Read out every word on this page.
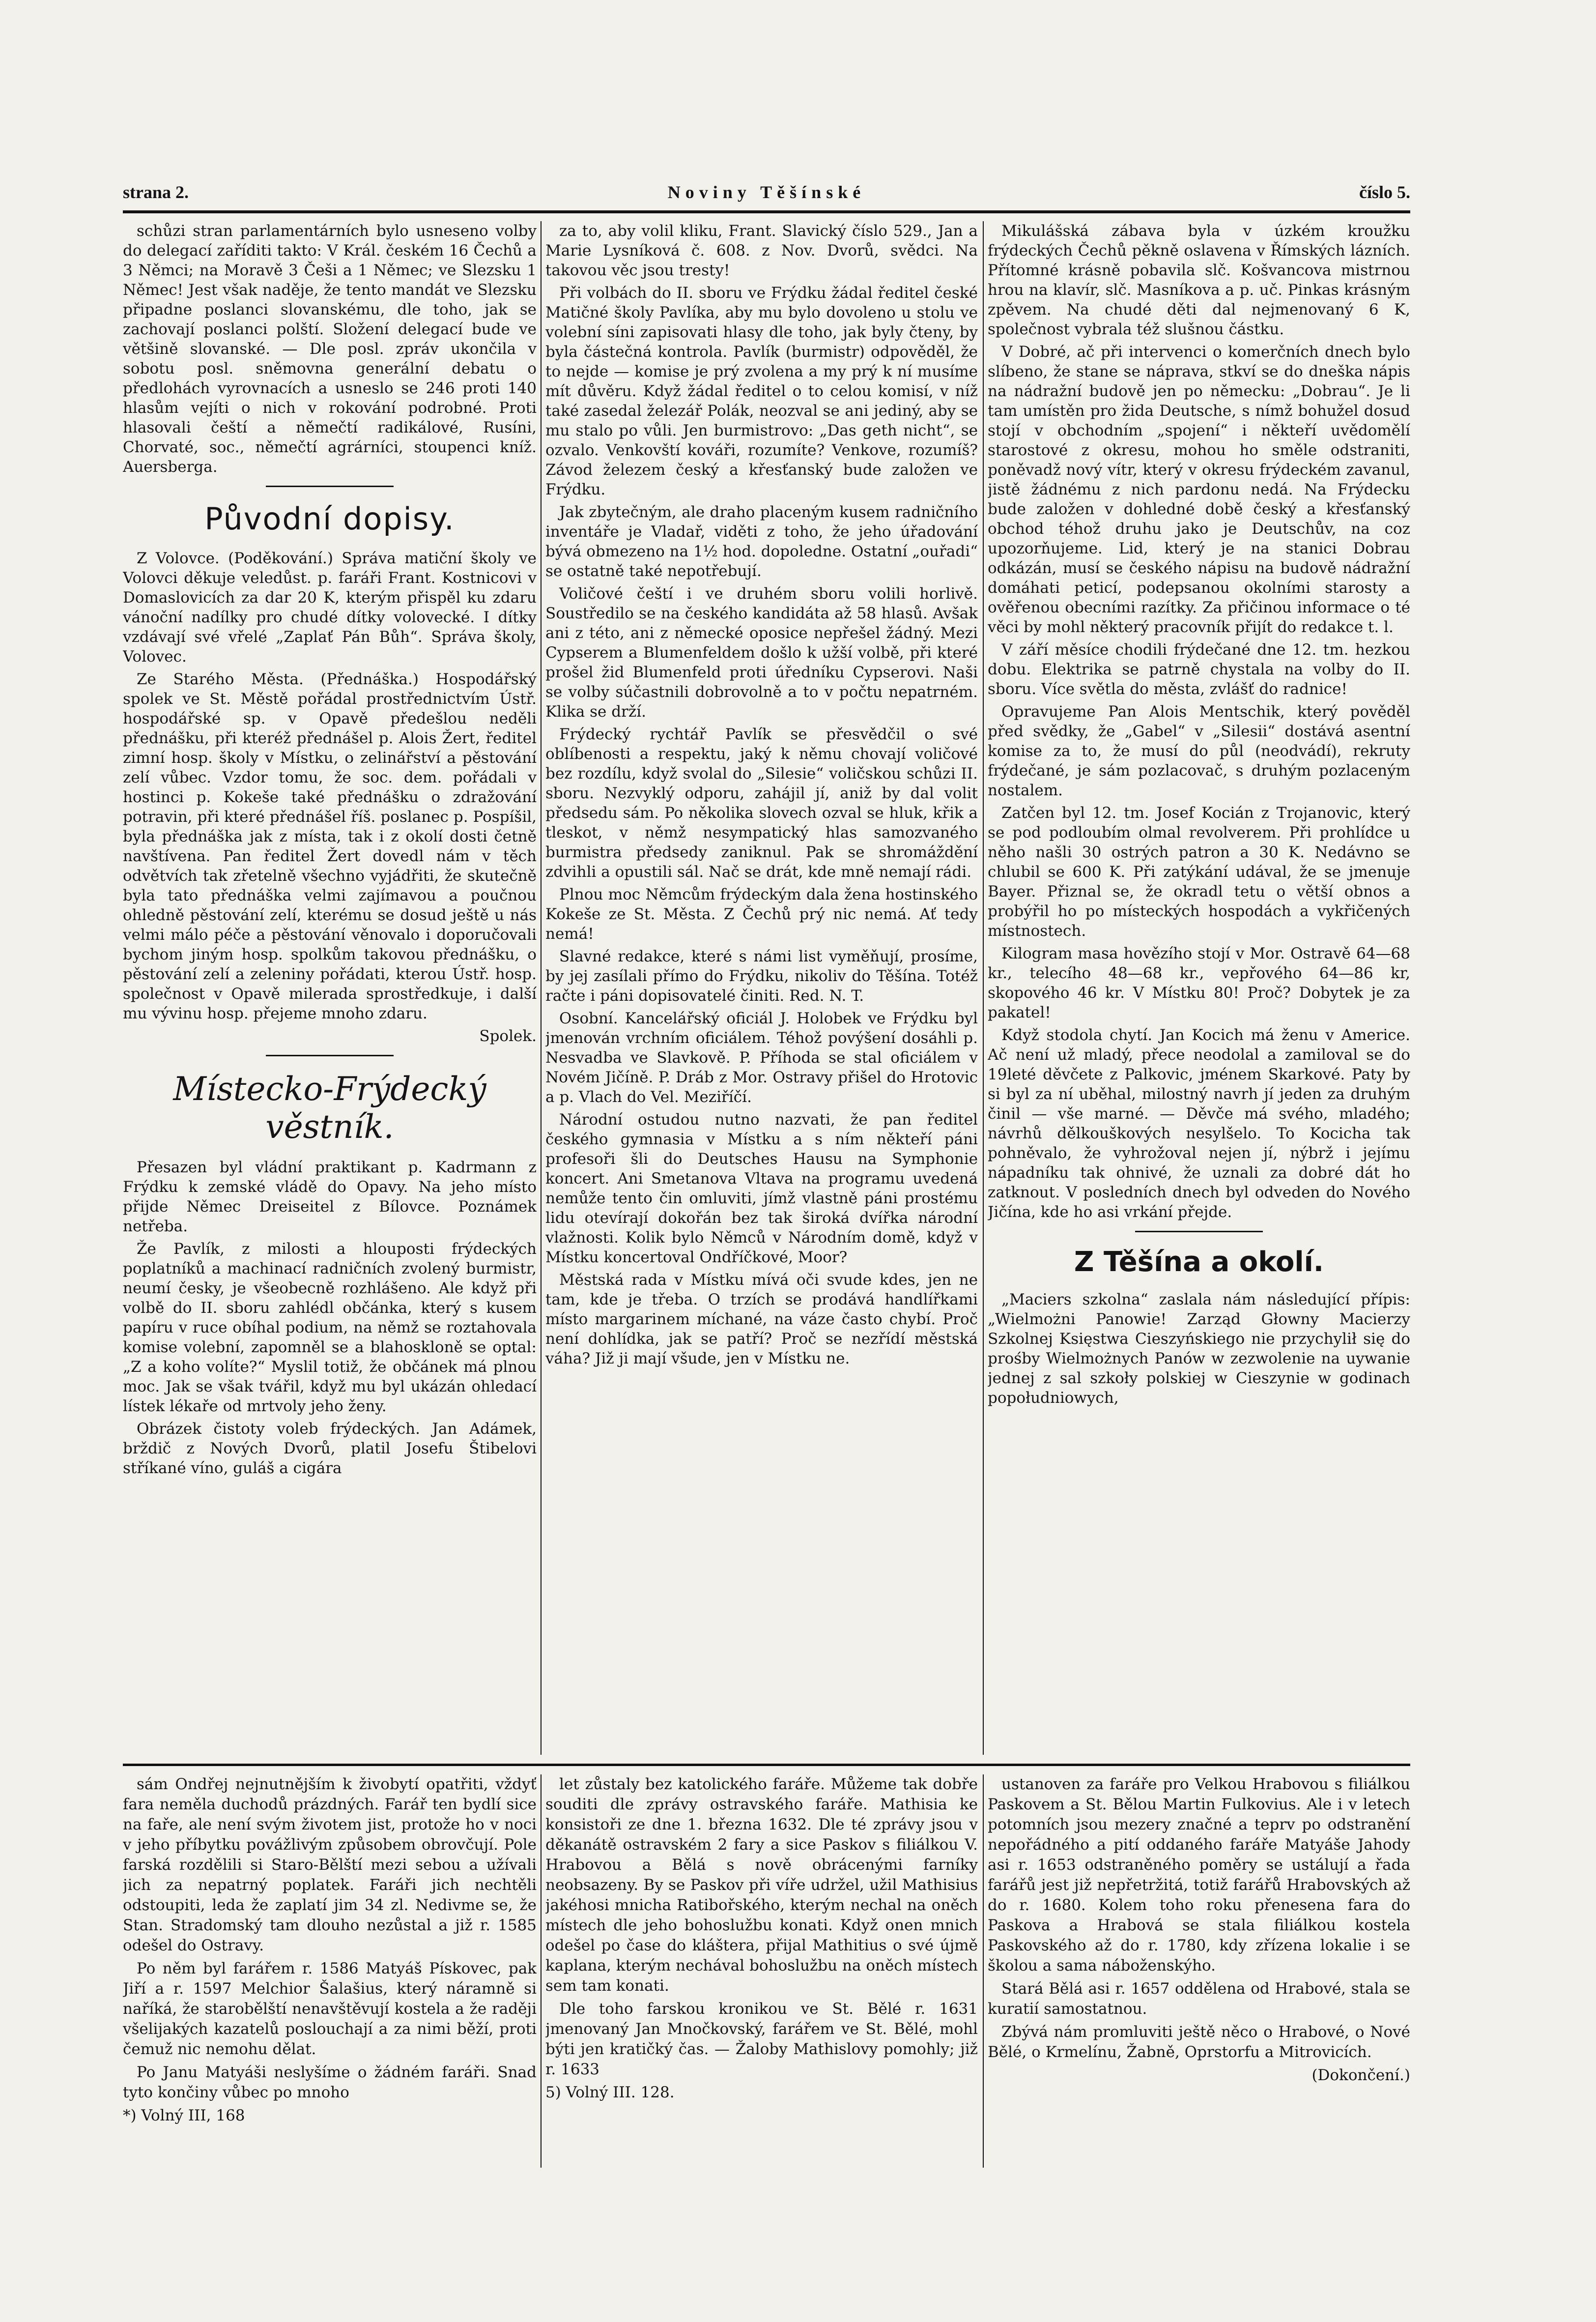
strana 2.	Noviny Těšínské	číslo 5.

schůzi stran parlamentárních bylo usneseno volby do delegací zaříditi takto: V Král. českém 16 Čechů a 3 Němci; na Moravě 3 Češi a 1 Němec; ve Slezsku 1 Němec! Jest však naděje, že tento mandát ve Slezsku připadne poslanci slovanskému, dle toho, jak se zachovají poslanci polští. Složení delegací bude ve většině slovanské. — Dle posl. zpráv ukončila v sobotu posl. sněmovna generální debatu o předlohách vyrovnacích a usneslo se 246 proti 140 hlasům vejíti o nich v rokování podrobné. Proti hlasovali čeští a němečtí radikálové, Rusíni, Chorvaté, soc., němečtí agrárníci, stoupenci kníž. Auersberga.

Původní dopisy.

Z Volovce. (Poděkování.) Správa matiční školy ve Volovci děkuje veledůst. p. faráři Frant. Kostnicovi v Domaslovicích za dar 20 K, kterým přispěl ku zdaru vánoční nadílky pro chudé dítky volovecké. I dítky vzdávají své vřelé „Zaplať Pán Bůh“. Správa školy, Volovec.

Ze Starého Města. (Přednáška.) Hospodářský spolek ve St. Městě pořádal prostřednictvím Ústř. hospodářské sp. v Opavě předešlou neděli přednášku, při kteréž přednášel p. Alois Žert, ředitel zimní hosp. školy v Místku, o zelinářství a pěstování zelí vůbec. Vzdor tomu, že soc. dem. pořádali v hostinci p. Kokeše také přednášku o zdražování potravin, při které přednášel říš. poslanec p. Pospíšil, byla přednáška jak z místa, tak i z okolí dosti četně navštívena. Pan ředitel Žert dovedl nám v těch odvětvích tak zřetelně všechno vyjádřiti, že skutečně byla tato přednáška velmi zajímavou a poučnou ohledně pěstování zelí, kterému se dosud ještě u nás velmi málo péče a pěstování věnovalo i doporučovali bychom jiným hosp. spolkům takovou přednášku, o pěstování zelí a zeleniny pořádati, kterou Ústř. hosp. společnost v Opavě milerada sprostředkuje, i další mu vývinu hosp. přejeme mnoho zdaru.

Spolek.

Místecko-Frýdecký věstník.

Přesazen byl vládní praktikant p. Kadrmann z Frýdku k zemské vládě do Opavy. Na jeho místo přijde Němec Dreiseitel z Bílovce. Poznámek netřeba.

Že Pavlík, z milosti a hlouposti frýdeckých poplatníků a machinací radničních zvolený burmistr, neumí česky, je všeobecně rozhlášeno. Ale když při volbě do II. sboru zahlédl občánka, který s kusem papíru v ruce obíhal podium, na němž se roztahovala komise volební, zapomněl se a blahoskloně se optal: „Z a koho volíte?“ Myslil totiž, že občánek má plnou moc. Jak se však tvářil, když mu byl ukázán ohledací lístek lékaře od mrtvoly jeho ženy.

Obrázek čistoty voleb frýdeckých. Jan Adámek, brždič z Nových Dvorů, platil Josefu Štibelovi stříkané víno, guláš a cigára

za to, aby volil kliku, Frant. Slavický číslo 529., Jan a Marie Lysníková č. 608. z Nov. Dvorů, svědci. Na takovou věc jsou tresty!

Při volbách do II. sboru ve Frýdku žádal ředitel české Matičné školy Pavlíka, aby mu bylo dovoleno u stolu ve volební síni zapisovati hlasy dle toho, jak byly čteny, by byla částečná kontrola. Pavlík (burmistr) odpověděl, že to nejde — komise je prý zvolena a my prý k ní musíme mít důvěru. Když žádal ředitel o to celou komisí, v níž také zasedal železář Polák, neozval se ani jediný, aby se mu stalo po vůli. Jen burmistrovo: „Das geth nicht“, se ozvalo. Venkovští kováři, rozumíte? Venkove, rozumíš? Závod železem český a křesťanský bude založen ve Frýdku.

Jak zbytečným, ale draho placeným kusem radničního inventáře je Vladař, viděti z toho, že jeho úřadování bývá obmezeno na 1½ hod. dopoledne. Ostatní „ouřadi“ se ostatně také nepotřebují.

Voličové čeští i ve druhém sboru volili horlivě. Soustředilo se na českého kandidáta až 58 hlasů. Avšak ani z této, ani z německé oposice nepřešel žádný. Mezi Cypserem a Blumenfeldem došlo k užší volbě, při které prošel žid Blumenfeld proti úředníku Cypserovi. Naši se volby súčastnili dobrovolně a to v počtu nepatrném. Klika se drží.

Frýdecký rychtář Pavlík se přesvědčil o své oblíbenosti a respektu, jaký k němu chovají voličové bez rozdílu, když svolal do „Silesie“ voličskou schůzi II. sboru. Nezvyklý odporu, zahájil jí, aniž by dal volit předsedu sám. Po několika slovech ozval se hluk, křik a tleskot, v němž nesympatický hlas samozvaného burmistra předsedy zaniknul. Pak se shromáždění zdvihli a opustili sál. Nač se drát, kde mně nemají rádi.

Plnou moc Němcům frýdeckým dala žena hostinského Kokeše ze St. Města. Z Čechů prý nic nemá. Ať tedy nemá!

Slavné redakce, které s námi list vyměňují, prosíme, by jej zasílali přímo do Frýdku, nikoliv do Těšína. Totéž račte i páni dopisovatelé činiti. Red. N. T.

Osobní. Kancelářský oficiál J. Holobek ve Frýdku byl jmenován vrchním oficiálem. Téhož povýšení dosáhli p. Nesvadba ve Slavkově. P. Příhoda se stal oficiálem v Novém Jičíně. P. Dráb z Mor. Ostravy přišel do Hrotovic a p. Vlach do Vel. Meziříčí.

Národní ostudou nutno nazvati, že pan ředitel českého gymnasia v Místku a s ním někteří páni profesoři šli do Deutsches Hausu na Symphonie koncert. Ani Smetanova Vltava na programu uvedená nemůže tento čin omluviti, jímž vlastně páni prostému lidu otevírají dokořán bez tak široká dvířka národní vlažnosti. Kolik bylo Němců v Národním domě, když v Místku koncertoval Ondříčkové, Moor?

Městská rada v Místku mívá oči svude kdes, jen ne tam, kde je třeba. O trzích se prodává handlířkami místo margarinem míchané, na váze často chybí. Proč není dohlídka, jak se patří? Proč se nezřídí městská váha? Již ji mají všude, jen v Místku ne.

Mikulášská zábava byla v úzkém kroužku frýdeckých Čechů pěkně oslavena v Římských lázních. Přítomné krásně pobavila slč. Košvancova mistrnou hrou na klavír, slč. Masníkova a p. uč. Pinkas krásným zpěvem. Na chudé děti dal nejmenovaný 6 K, společnost vybrala též slušnou částku.

V Dobré, ač při intervenci o komerčních dnech bylo slíbeno, že stane se náprava, stkví se do dneška nápis na nádražní budově jen po německu: „Dobrau“. Je li tam umístěn pro žida Deutsche, s nímž bohužel dosud stojí v obchodním „spojení“ i někteří uvědomělí starostové z okresu, mohou ho směle odstraniti, poněvadž nový vítr, který v okresu frýdeckém zavanul, jistě žádnému z nich pardonu nedá. Na Frýdecku bude založen v dohledné době český a křesťanský obchod téhož druhu jako je Deutschův, na coz upozorňujeme. Lid, který je na stanici Dobrau odkázán, musí se českého nápisu na budově nádražní domáhati peticí, podepsanou okolními starosty a ověřenou obecními razítky. Za přičinou informace o té věci by mohl některý pracovník přijít do redakce t. l.

V září měsíce chodili frýdečané dne 12. tm. hezkou dobu. Elektrika se patrně chystala na volby do II. sboru. Více světla do města, zvlášť do radnice!

Opravujeme Pan Alois Mentschik, který pověděl před svědky, že „Gabel“ v „Silesii“ dostává asentní komise za to, že musí do půl (neodvádí), rekruty frýdečané, je sám pozlacovač, s druhým pozlaceným nostalem.

Zatčen byl 12. tm. Josef Kocián z Trojanovic, který se pod podloubím olmal revolverem. Při prohlídce u něho našli 30 ostrých patron a 30 K. Nedávno se chlubil se 600 K. Při zatýkání udával, že se jmenuje Bayer. Přiznal se, že okradl tetu o větší obnos a probýřil ho po místeckých hospodách a vykřičených místnostech.

Kilogram masa hovězího stojí v Mor. Ostravě 64—68 kr., telecího 48—68 kr., vepřového 64—86 kr, skopového 46 kr. V Místku 80! Proč? Dobytek je za pakatel!

Když stodola chytí. Jan Kocich má ženu v Americe. Ač není už mladý, přece neodolal a zamiloval se do 19leté děvčete z Palkovic, jménem Skarkové. Paty by si byl za ní uběhal, milostný navrh jí jeden za druhým činil — vše marné. — Děvče má svého, mladého; návrhů dělkouškových nesylšelo. To Kocicha tak pohněvalo, že vyhrožoval nejen jí, nýbrž i jejímu nápadníku tak ohnivé, že uznali za dobré dát ho zatknout. V posledních dnech byl odveden do Nového Jičína, kde ho asi vrkání přejde.

Z Těšína a okolí.

„Maciers szkolna“ zaslala nám následující přípis: „Wielmożni Panowie! Zarząd Głowny Macierzy Szkolnej Księstwa Cieszyńskiego nie przychylił się do prośby Wielmożnych Panów w zezwolenie na uywanie jednej z sal szkoły polskiej w Cieszynie w godinach popołudniowych,

sám Ondřej nejnutnějším k živobytí opatřiti, vždyť fara neměla duchodů prázdných. Farář ten bydlí sice na faře, ale není svým životem jist, protože ho v noci v jeho příbytku povážlivým způsobem obrovčují. Pole farská rozdělili si Staro-Bělští mezi sebou a užívali jich za nepatrný poplatek. Faráři jich nechtěli odstoupiti, leda že zaplatí jim 34 zl. Nedivme se, že Stan. Stradomský tam dlouho nezůstal a již r. 1585 odešel do Ostravy.

Po něm byl farářem r. 1586 Matyáš Pískovec, pak Jiří a r. 1597 Melchior Šalašius, který náramně si naříká, že starobělští nenavštěvují kostela a že raději všelijakých kazatelů poslouchají a za nimi běží, proti čemuž nic nemohu dělat.

Po Janu Matyáši neslyšíme o žádném faráři. Snad tyto končiny vůbec po mnoho

*) Volný III, 168

let zůstaly bez katolického faráře. Můžeme tak dobře souditi dle zprávy ostravského faráře. Mathisia ke konsistoři ze dne 1. března 1632. Dle té zprávy jsou v děkanátě ostravském 2 fary a sice Paskov s filiálkou V. Hrabovou a Bělá s nově obrácenými farníky neobsazeny. By se Paskov při víře udržel, užil Mathisius jakéhosi mnicha Ratibořského, kterým nechal na oněch místech dle jeho bohoslužbu konati. Když onen mnich odešel po čase do kláštera, přijal Mathitius o své újmě kaplana, kterým nechával bohoslužbu na oněch místech sem tam konati.

Dle toho farskou kronikou ve St. Bělé r. 1631 jmenovaný Jan Mnočkovský, farářem ve St. Bělé, mohl býti jen kratičký čas. — Žaloby Mathislovy pomohly; již r. 1633

5) Volný III. 128.

ustanoven za faráře pro Velkou Hrabovou s filiálkou Paskovem a St. Bělou Martin Fulkovius. Ale i v letech potomních jsou mezery značné a teprv po odstranění nepořádného a pití oddaného faráře Matyáše Jahody asi r. 1653 odstraněného poměry se ustálují a řada farářů jest již nepřetržitá, totiž farářů Hrabovských až do r. 1680. Kolem toho roku přenesena fara do Paskova a Hrabová se stala filiálkou kostela Paskovského až do r. 1780, kdy zřízena lokalie i se školou a sama náboženskýho.

Stará Bělá asi r. 1657 oddělena od Hrabové, stala se kuratií samostatnou.

Zbývá nám promluviti ještě něco o Hrabové, o Nové Bělé, o Krmelínu, Žabně, Oprstorfu a Mitrovicích.

(Dokončení.)
